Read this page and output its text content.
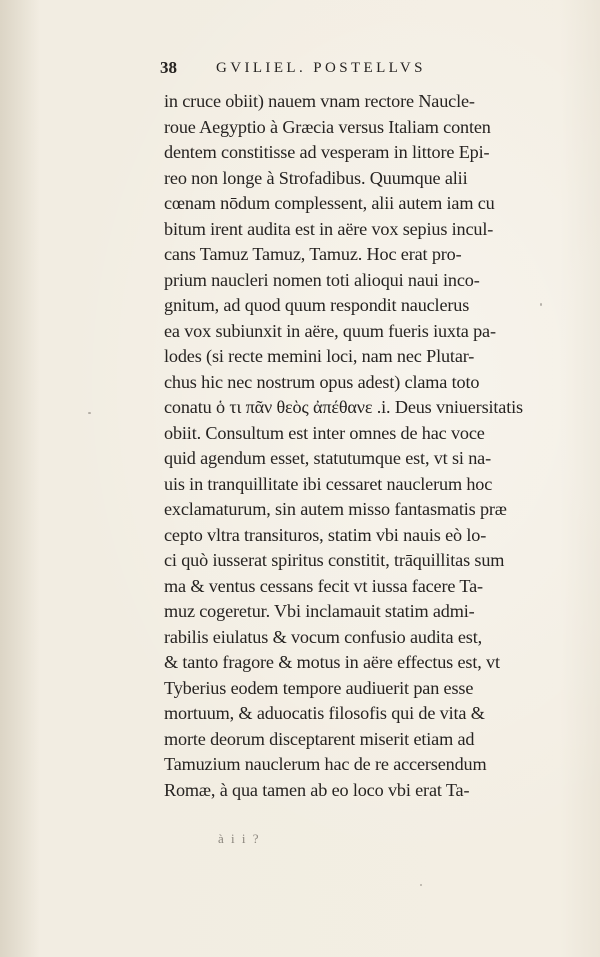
38	GVILIEL. POSTELLVS
in cruce obiit) nauem vnam rectore Naucle-
roue Aegyptio à Græcia versus Italiam conten
dentem constitisse ad vesperam in littore Epi-
reo non longe à Strofadibus. Quumque alii
cœnam nōdum complessent, alii autem iam cu
bitum irent audita est in aëre vox sepius incul-
cans Tamuz Tamuz, Tamuz. Hoc erat pro-
prium naucleri nomen toti alioqui naui inco-
gnitum, ad quod quum respondit nauclerus
ea vox subiunxit in aëre, quum fueris iuxta pa-
lodes (si recte memini loci, nam nec Plutar-
chus hic nec nostrum opus adest) clama toto
conatu ὁ τι πᾶν θεὸς ἀπέθανε .i. Deus vniuersitatis
obiit. Consultum est inter omnes de hac voce
quid agendum esset, statutumque est, vt si na-
uis in tranquillitate ibi cessaret nauclerum hoc
exclamaturum, sin autem misso fantasmatis præ
cepto vltra transituros, statim vbi nauis eò lo-
ci quò iusserat spiritus constitit, trāquillitas sum
ma & ventus cessans fecit vt iussa facere Ta-
muz cogeretur. Vbi inclamauit statim admi-
rabilis eiulatus & vocum confusio audita est,
& tanto fragore & motus in aëre effectus est, vt
Tyberius eodem tempore audiuerit pan esse
mortuum, & aduocatis filosofis qui de vita &
morte deorum disceptarent miserit etiam ad
Tamuzium nauclerum hac de re accersendum
Romæ, à qua tamen ab eo loco vbi erat Ta-
à i i ?
